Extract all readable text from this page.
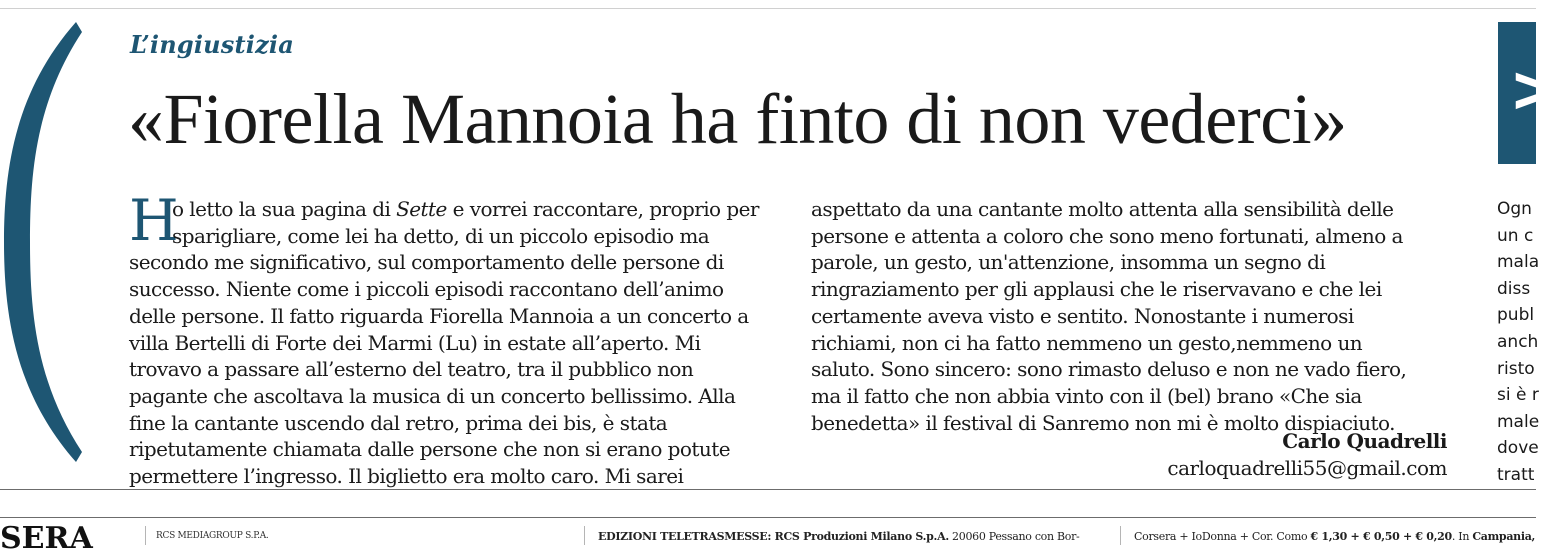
L’ingiustizia
«Fiorella Mannoia ha finto di non vederci»
H
o letto la sua pagina di Sette e vorrei raccontare, proprio per
sparigliare, come lei ha detto, di un piccolo episodio ma
secondo me significativo, sul comportamento delle persone di
successo. Niente come i piccoli episodi raccontano dell’animo
delle persone. Il fatto riguarda Fiorella Mannoia a un concerto a
villa Bertelli di Forte dei Marmi (Lu) in estate all’aperto. Mi
trovavo a passare all’esterno del teatro, tra il pubblico non
pagante che ascoltava la musica di un concerto bellissimo. Alla
fine la cantante uscendo dal retro, prima dei bis, è stata
ripetutamente chiamata dalle persone che non si erano potute
permettere l’ingresso. Il biglietto era molto caro. Mi sarei
aspettato da una cantante molto attenta alla sensibilità delle
persone e attenta a coloro che sono meno fortunati, almeno a
parole, un gesto, un'attenzione, insomma un segno di
ringraziamento per gli applausi che le riservavano e che lei
certamente aveva visto e sentito. Nonostante i numerosi
richiami, non ci ha fatto nemmeno un gesto,nemmeno un
saluto. Sono sincero: sono rimasto deluso e non ne vado fiero,
ma il fatto che non abbia vinto con il (bel) brano «Che sia
benedetta» il festival di Sanremo non mi è molto dispiaciuto.
Carlo Quadrelli
carloquadrelli55@gmail.com
>
Ogn
un c
mala
diss
publ
anch
risto
si è r
male
dove
tratt
SERA	RCS MEDIAGROUP S.P.A.	EDIZIONI TELETRASMESSE: RCS Produzioni Milano S.p.A. 20060 Pessano con Bor-	Corsera + IoDonna + Cor. Como € 1,30 + € 0,50 + € 0,20. In Campania,
